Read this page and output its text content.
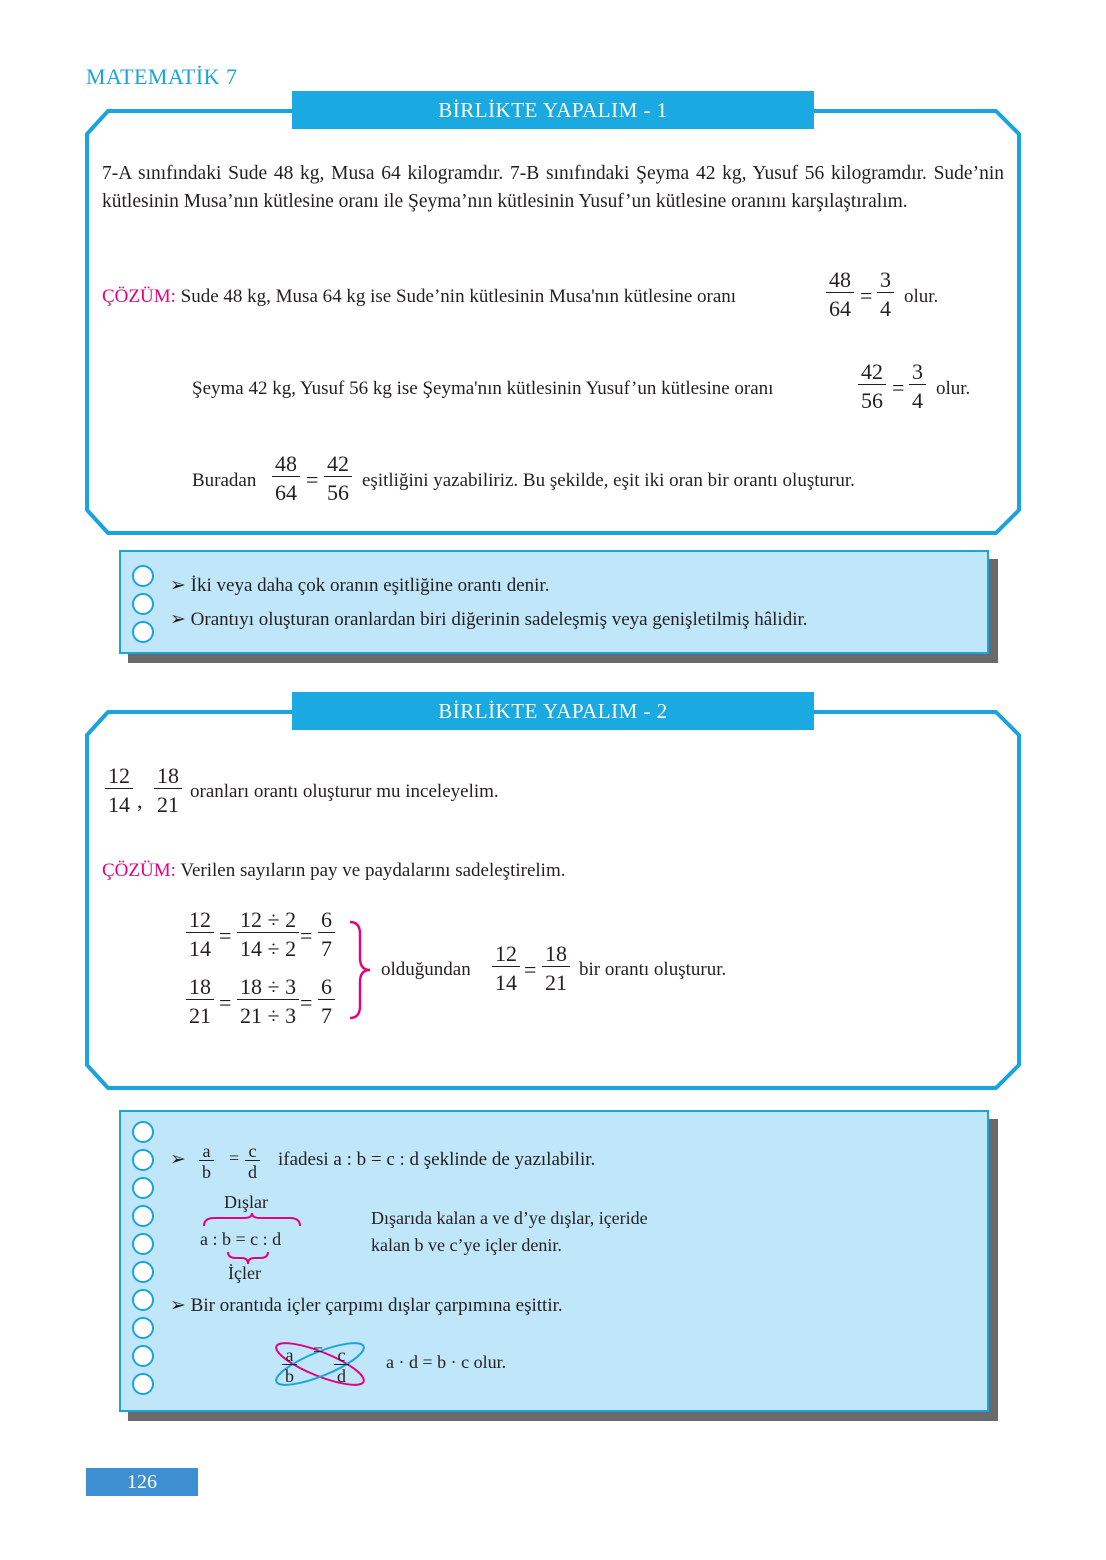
MATEMATİK 7
BİRLİKTE YAPALIM - 1
7-A sınıfındaki Sude 48 kg, Musa 64 kilogramdır. 7-B sınıfındaki Şeyma 42 kg, Yusuf 56 kilogramdır. Sude’nin kütlesinin Musa’nın kütlesine oranı ile Şeyma’nın kütlesinin Yusuf’un kütlesine oranını karşılaştıralım.
ÇÖZÜM: Sude 48 kg, Musa 64 kg ise Sude’nin kütlesinin Musa'nın kütlesine oranı	$\frac{48}{64} = \frac{3}{4}$ olur.
Şeyma 42 kg, Yusuf 56 kg ise Şeyma'nın kütlesinin Yusuf’un kütlesine oranı	$\frac{42}{56} = \frac{3}{4}$ olur.
Buradan $\frac{48}{64} = \frac{42}{56}$ eşitliğini yazabiliriz. Bu şekilde, eşit iki oran bir orantı oluşturur.
➢ İki veya daha çok oranın eşitliğine orantı denir.
➢ Orantıyı oluşturan oranlardan biri diğerinin sadeleşmiş veya genişletilmiş hâlidir.
BİRLİKTE YAPALIM - 2
$\frac{12}{14}$ , $\frac{18}{21}$ oranları orantı oluşturur mu inceleyelim.
ÇÖZÜM: Verilen sayıların pay ve paydalarını sadeleştirelim.
$\frac{12}{14} = \frac{12 \div 2}{14 \div 2} = \frac{6}{7}$
$\frac{18}{21} = \frac{18 \div 3}{21 \div 3} = \frac{6}{7}$
olduğundan $\frac{12}{14} = \frac{18}{21}$ bir orantı oluşturur.
➢ a
b
= c
d
ifadesi a : b = c : d şeklinde de yazılabilir.
Dışlar
a : b = c : d
İçler
Dışarıda kalan a ve d’ye dışlar, içeride
kalan b ve c’ye içler denir.
➢ Bir orantıda içler çarpımı dışlar çarpımına eşittir.
a
b
= c
d
a · d = b · c olur.
126
